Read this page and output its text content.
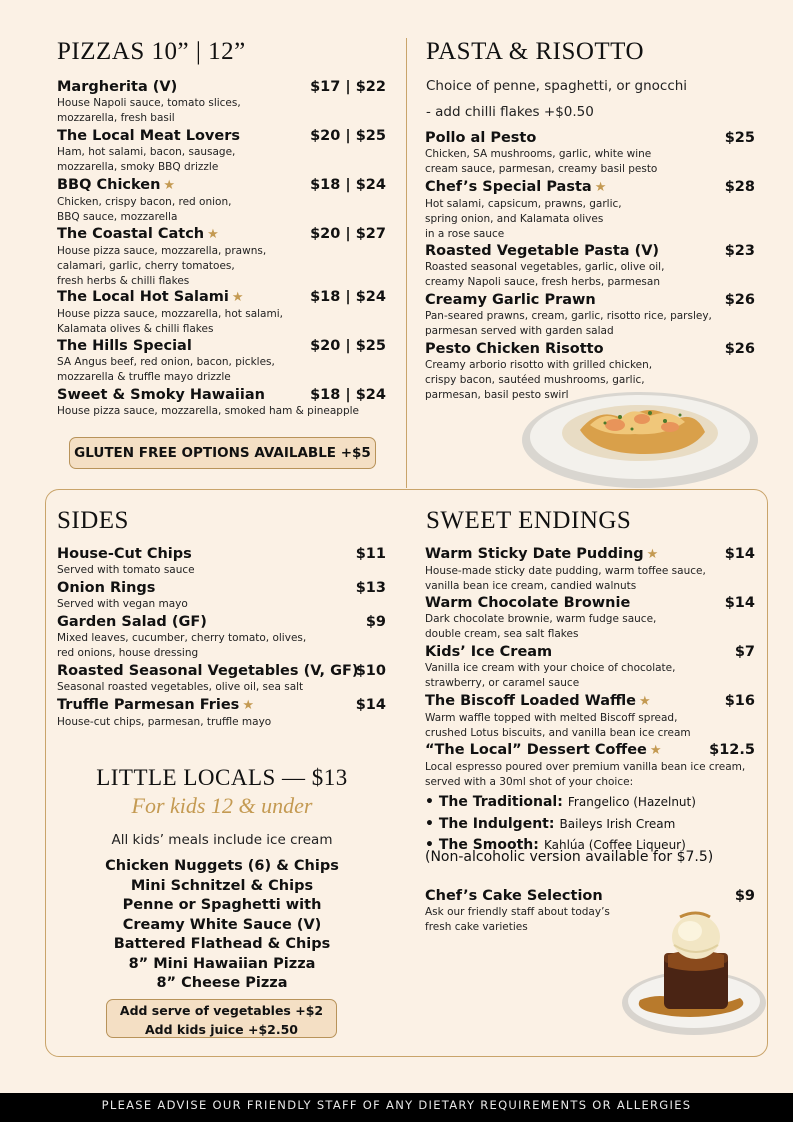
PIZZAS 10” | 12”
Margherita (V)	$17 | $22
House Napoli sauce, tomato slices,
mozzarella, fresh basil
The Local Meat Lovers	$20 | $25
Ham, hot salami, bacon, sausage,
mozzarella, smoky BBQ drizzle
BBQ Chicken ★	$18 | $24
Chicken, crispy bacon, red onion,
BBQ sauce, mozzarella
The Coastal Catch ★	$20 | $27
House pizza sauce, mozzarella, prawns,
calamari, garlic, cherry tomatoes,
fresh herbs & chilli flakes
The Local Hot Salami ★	$18 | $24
House pizza sauce, mozzarella, hot salami,
Kalamata olives & chilli flakes
The Hills Special	$20 | $25
SA Angus beef, red onion, bacon, pickles,
mozzarella & truffle mayo drizzle
Sweet & Smoky Hawaiian	$18 | $24
House pizza sauce, mozzarella, smoked ham & pineapple
GLUTEN FREE OPTIONS AVAILABLE +$5
PASTA & RISOTTO
Choice of penne, spaghetti, or gnocchi
- add chilli flakes +$0.50
Pollo al Pesto	$25
Chicken, SA mushrooms, garlic, white wine
cream sauce, parmesan, creamy basil pesto
Chef’s Special Pasta ★	$28
Hot salami, capsicum, prawns, garlic,
spring onion, and Kalamata olives
in a rose sauce
Roasted Vegetable Pasta (V)	$23
Roasted seasonal vegetables, garlic, olive oil,
creamy Napoli sauce, fresh herbs, parmesan
Creamy Garlic Prawn	$26
Pan-seared prawns, cream, garlic, risotto rice, parsley,
parmesan served with garden salad
Pesto Chicken Risotto	$26
Creamy arborio risotto with grilled chicken,
crispy bacon, sautéed mushrooms, garlic,
parmesan, basil pesto swirl
SIDES
House-Cut Chips	$11
Served with tomato sauce
Onion Rings	$13
Served with vegan mayo
Garden Salad (GF)	$9
Mixed leaves, cucumber, cherry tomato, olives,
red onions, house dressing
Roasted Seasonal Vegetables (V, GF)
$10
Seasonal roasted vegetables, olive oil, sea salt
Truffle Parmesan Fries ★	$14
House-cut chips, parmesan, truffle mayo
LITTLE LOCALS — $13
For kids 12 & under
All kids’ meals include ice cream
Chicken Nuggets (6) & Chips
Mini Schnitzel & Chips
Penne or Spaghetti with
Creamy White Sauce (V)
Battered Flathead & Chips
8” Mini Hawaiian Pizza
8” Cheese Pizza
Add serve of vegetables +$2
Add kids juice +$2.50
SWEET ENDINGS
Warm Sticky Date Pudding ★	$14
House-made sticky date pudding, warm toffee sauce,
vanilla bean ice cream, candied walnuts
Warm Chocolate Brownie	$14
Dark chocolate brownie, warm fudge sauce,
double cream, sea salt flakes
Kids’ Ice Cream	$7
Vanilla ice cream with your choice of chocolate,
strawberry, or caramel sauce
The Biscoff Loaded Waffle ★	$16
Warm waffle topped with melted Biscoff spread,
crushed Lotus biscuits, and vanilla bean ice cream
“The Local” Dessert Coffee ★	$12.5
Local espresso poured over premium vanilla bean ice cream,
served with a 30ml shot of your choice:
• The Traditional: Frangelico (Hazelnut)
• The Indulgent: Baileys Irish Cream
• The Smooth: Kahlúa (Coffee Liqueur)
(Non-alcoholic version available for $7.5)
Chef’s Cake Selection	$9
Ask our friendly staff about today’s
fresh cake varieties
PLEASE ADVISE OUR FRIENDLY STAFF OF ANY DIETARY REQUIREMENTS OR ALLERGIES
